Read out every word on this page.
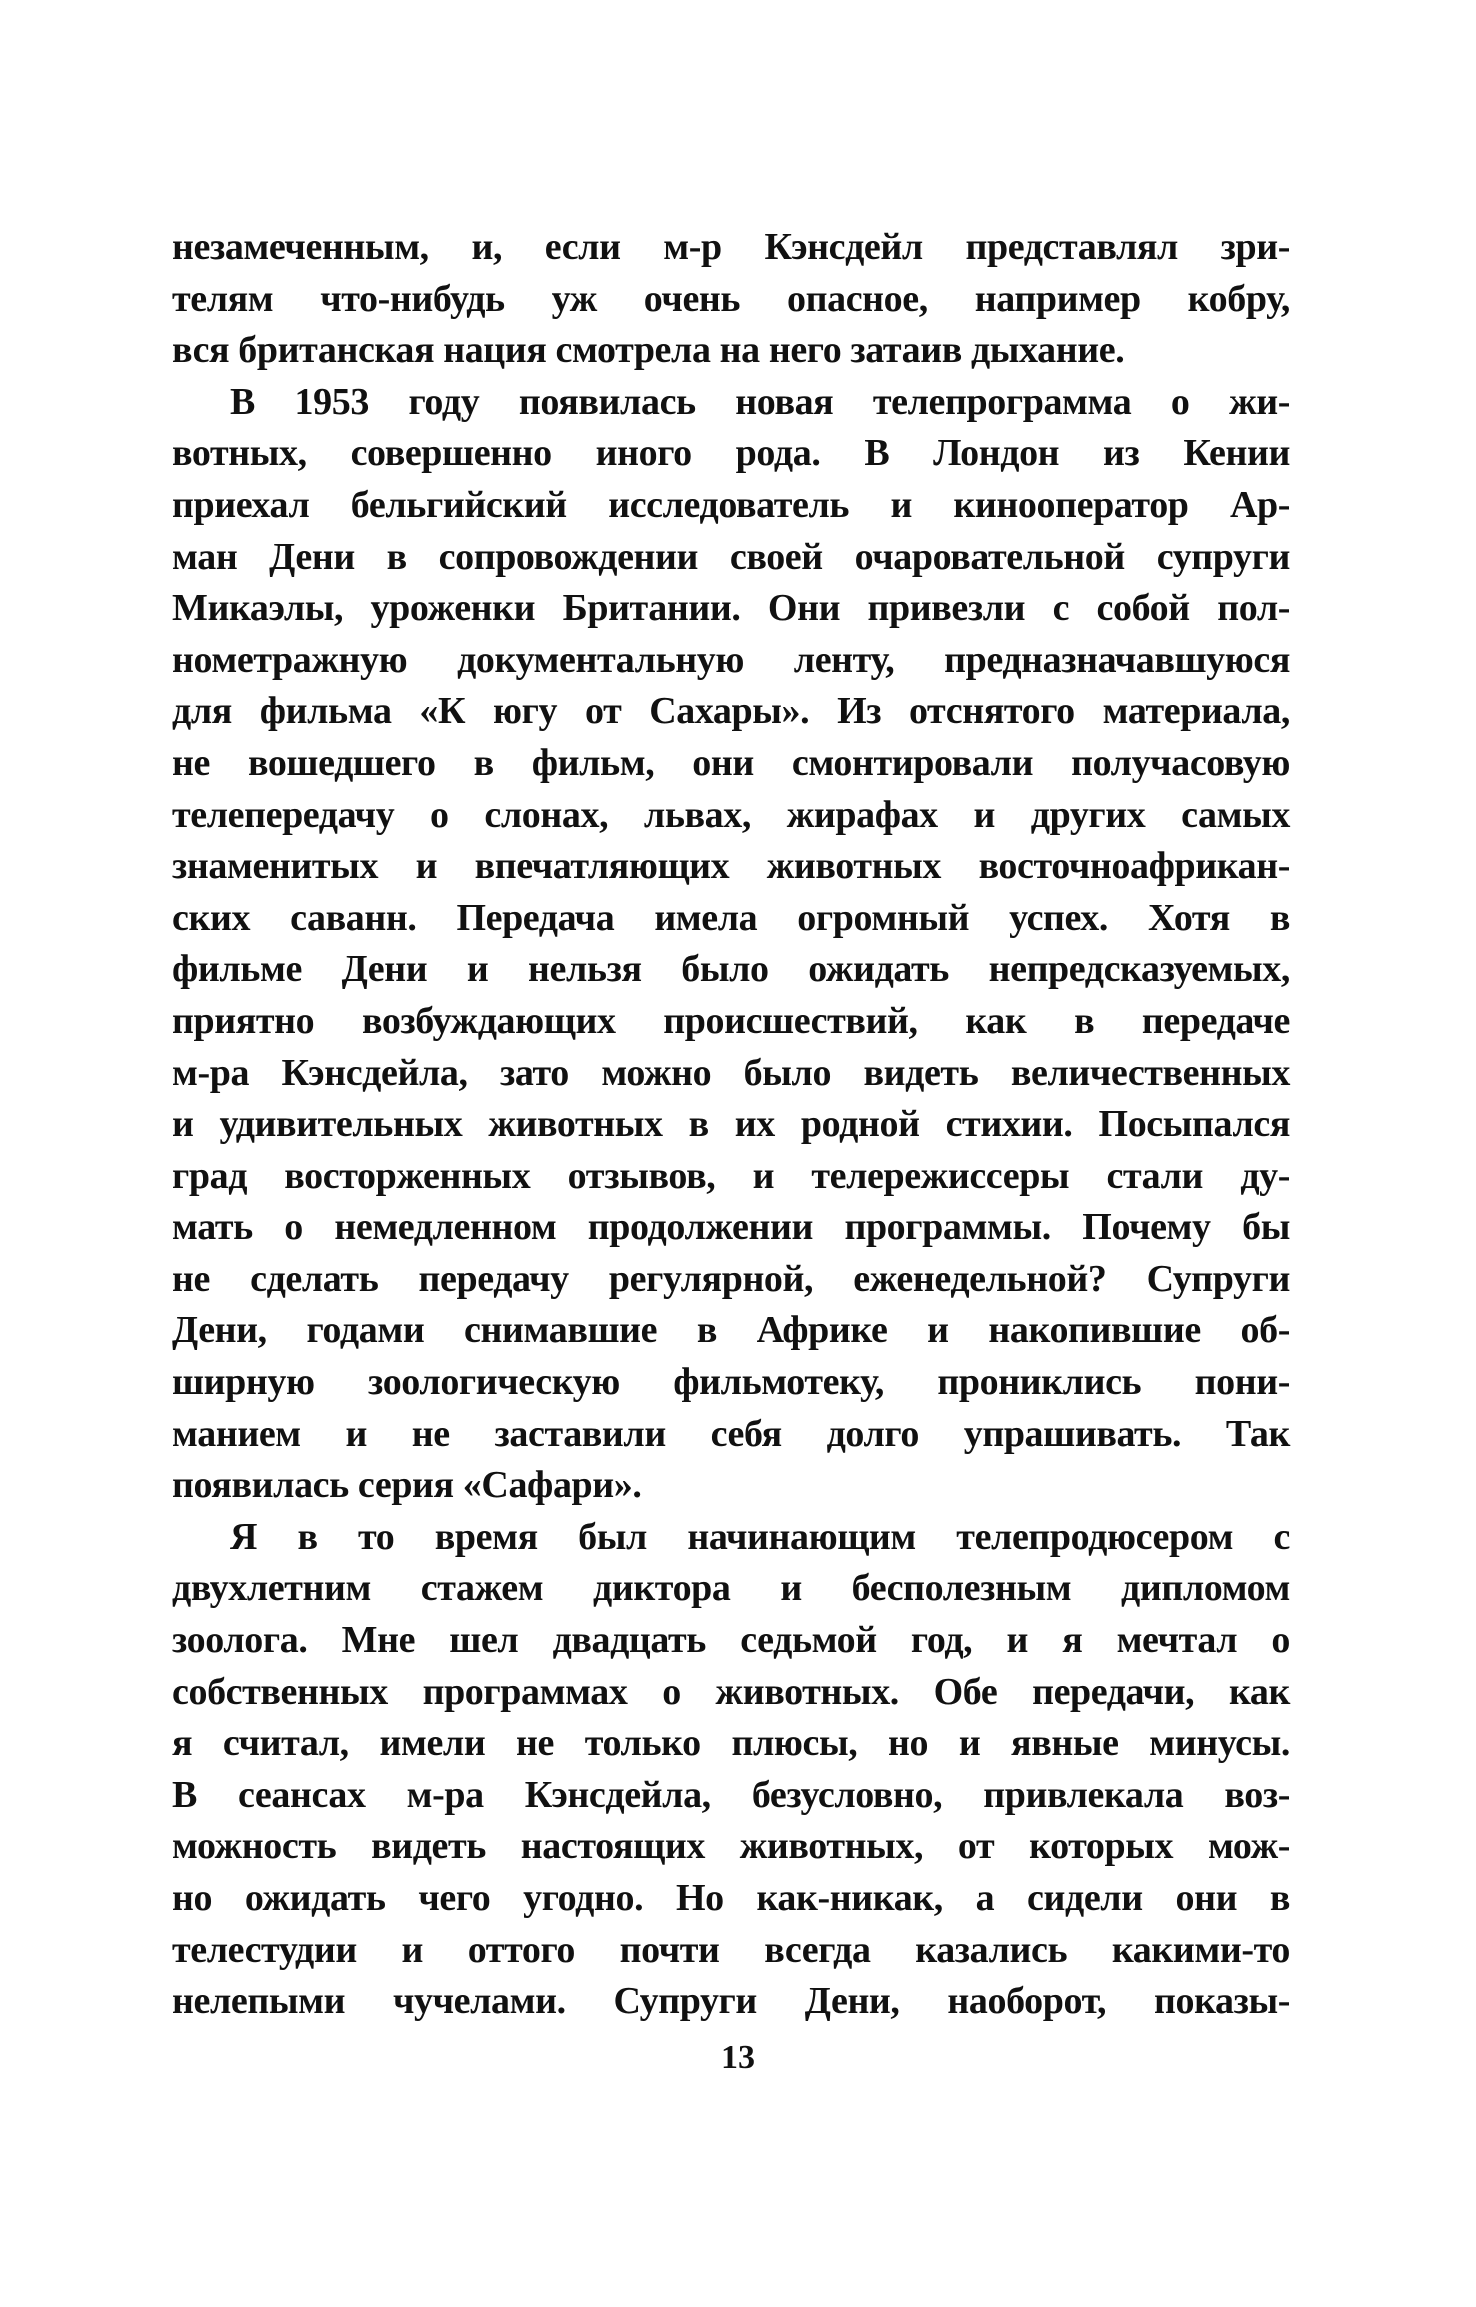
незамеченным, и, если м-р Кэнсдейл представлял зри-
телям что-нибудь уж очень опасное, например кобру,
вся британская нация смотрела на него затаив дыхание.
В 1953 году появилась новая телепрограмма о жи-
вотных, совершенно иного рода. В Лондон из Кении
приехал бельгийский исследователь и кинооператор Ар-
ман Дени в сопровождении своей очаровательной супруги
Микаэлы, уроженки Британии. Они привезли с собой пол-
нометражную документальную ленту, предназначавшуюся
для фильма «К югу от Сахары». Из отснятого материала,
не вошедшего в фильм, они смонтировали получасовую
телепередачу о слонах, львах, жирафах и других самых
знаменитых и впечатляющих животных восточноафрикан-
ских саванн. Передача имела огромный успех. Хотя в
фильме Дени и нельзя было ожидать непредсказуемых,
приятно возбуждающих происшествий, как в передаче
м-ра Кэнсдейла, зато можно было видеть величественных
и удивительных животных в их родной стихии. Посыпался
град восторженных отзывов, и телережиссеры стали ду-
мать о немедленном продолжении программы. Почему бы
не сделать передачу регулярной, еженедельной? Супруги
Дени, годами снимавшие в Африке и накопившие об-
ширную зоологическую фильмотеку, прониклись пони-
манием и не заставили себя долго упрашивать. Так
появилась серия «Сафари».
Я в то время был начинающим телепродюсером с
двухлетним стажем диктора и бесполезным дипломом
зоолога. Мне шел двадцать седьмой год, и я мечтал о
собственных программах о животных. Обе передачи, как
я считал, имели не только плюсы, но и явные минусы.
В сеансах м-ра Кэнсдейла, безусловно, привлекала воз-
можность видеть настоящих животных, от которых мож-
но ожидать чего угодно. Но как-никак, а сидели они в
телестудии и оттого почти всегда казались какими-то
нелепыми чучелами. Супруги Дени, наоборот, показы-
13
